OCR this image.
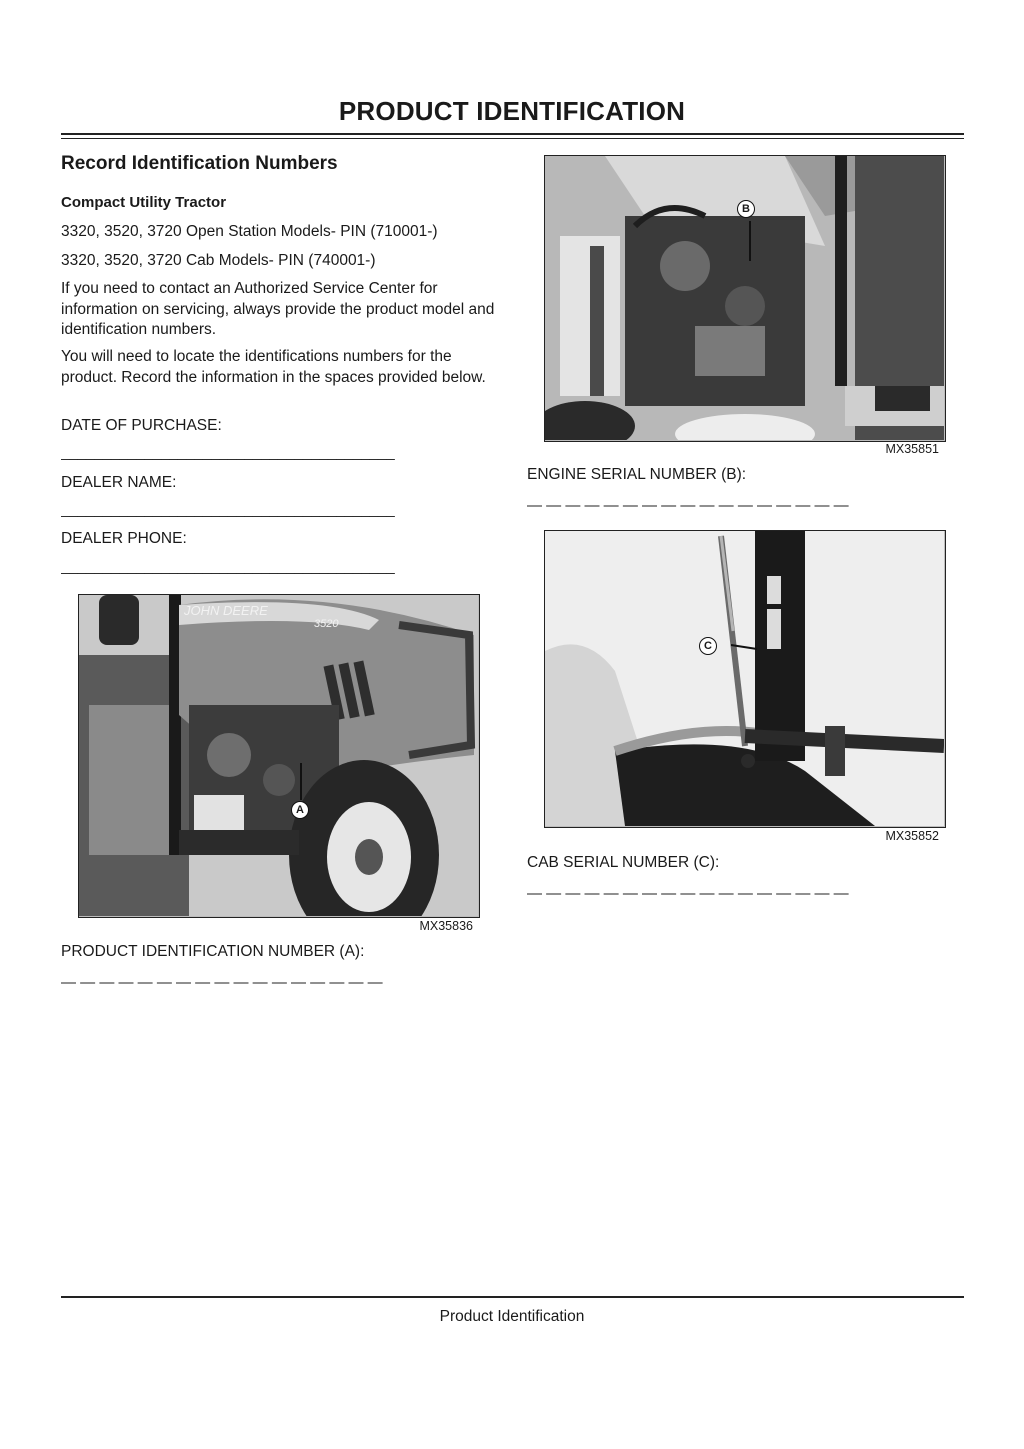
PRODUCT IDENTIFICATION
Record Identification Numbers
Compact Utility Tractor
3320, 3520, 3720 Open Station Models- PIN (710001-)
3320, 3520, 3720 Cab Models- PIN (740001-)
If you need to contact an Authorized Service Center for information on servicing, always provide the product model and identification numbers.
You will need to locate the identifications numbers for the product. Record the information in the spaces provided below.
DATE OF PURCHASE:
________________________________________
DEALER NAME:
________________________________________
DEALER PHONE:
________________________________________
JOHN DEERE
3520
A
MX35836
PRODUCT IDENTIFICATION NUMBER (A):
— — — — — — — — — — — — — — — — —
B
MX35851
ENGINE SERIAL NUMBER (B):
— — — — — — — — — — — — — — — — —
C
MX35852
CAB SERIAL NUMBER (C):
— — — — — — — — — — — — — — — — —
Product Identification
